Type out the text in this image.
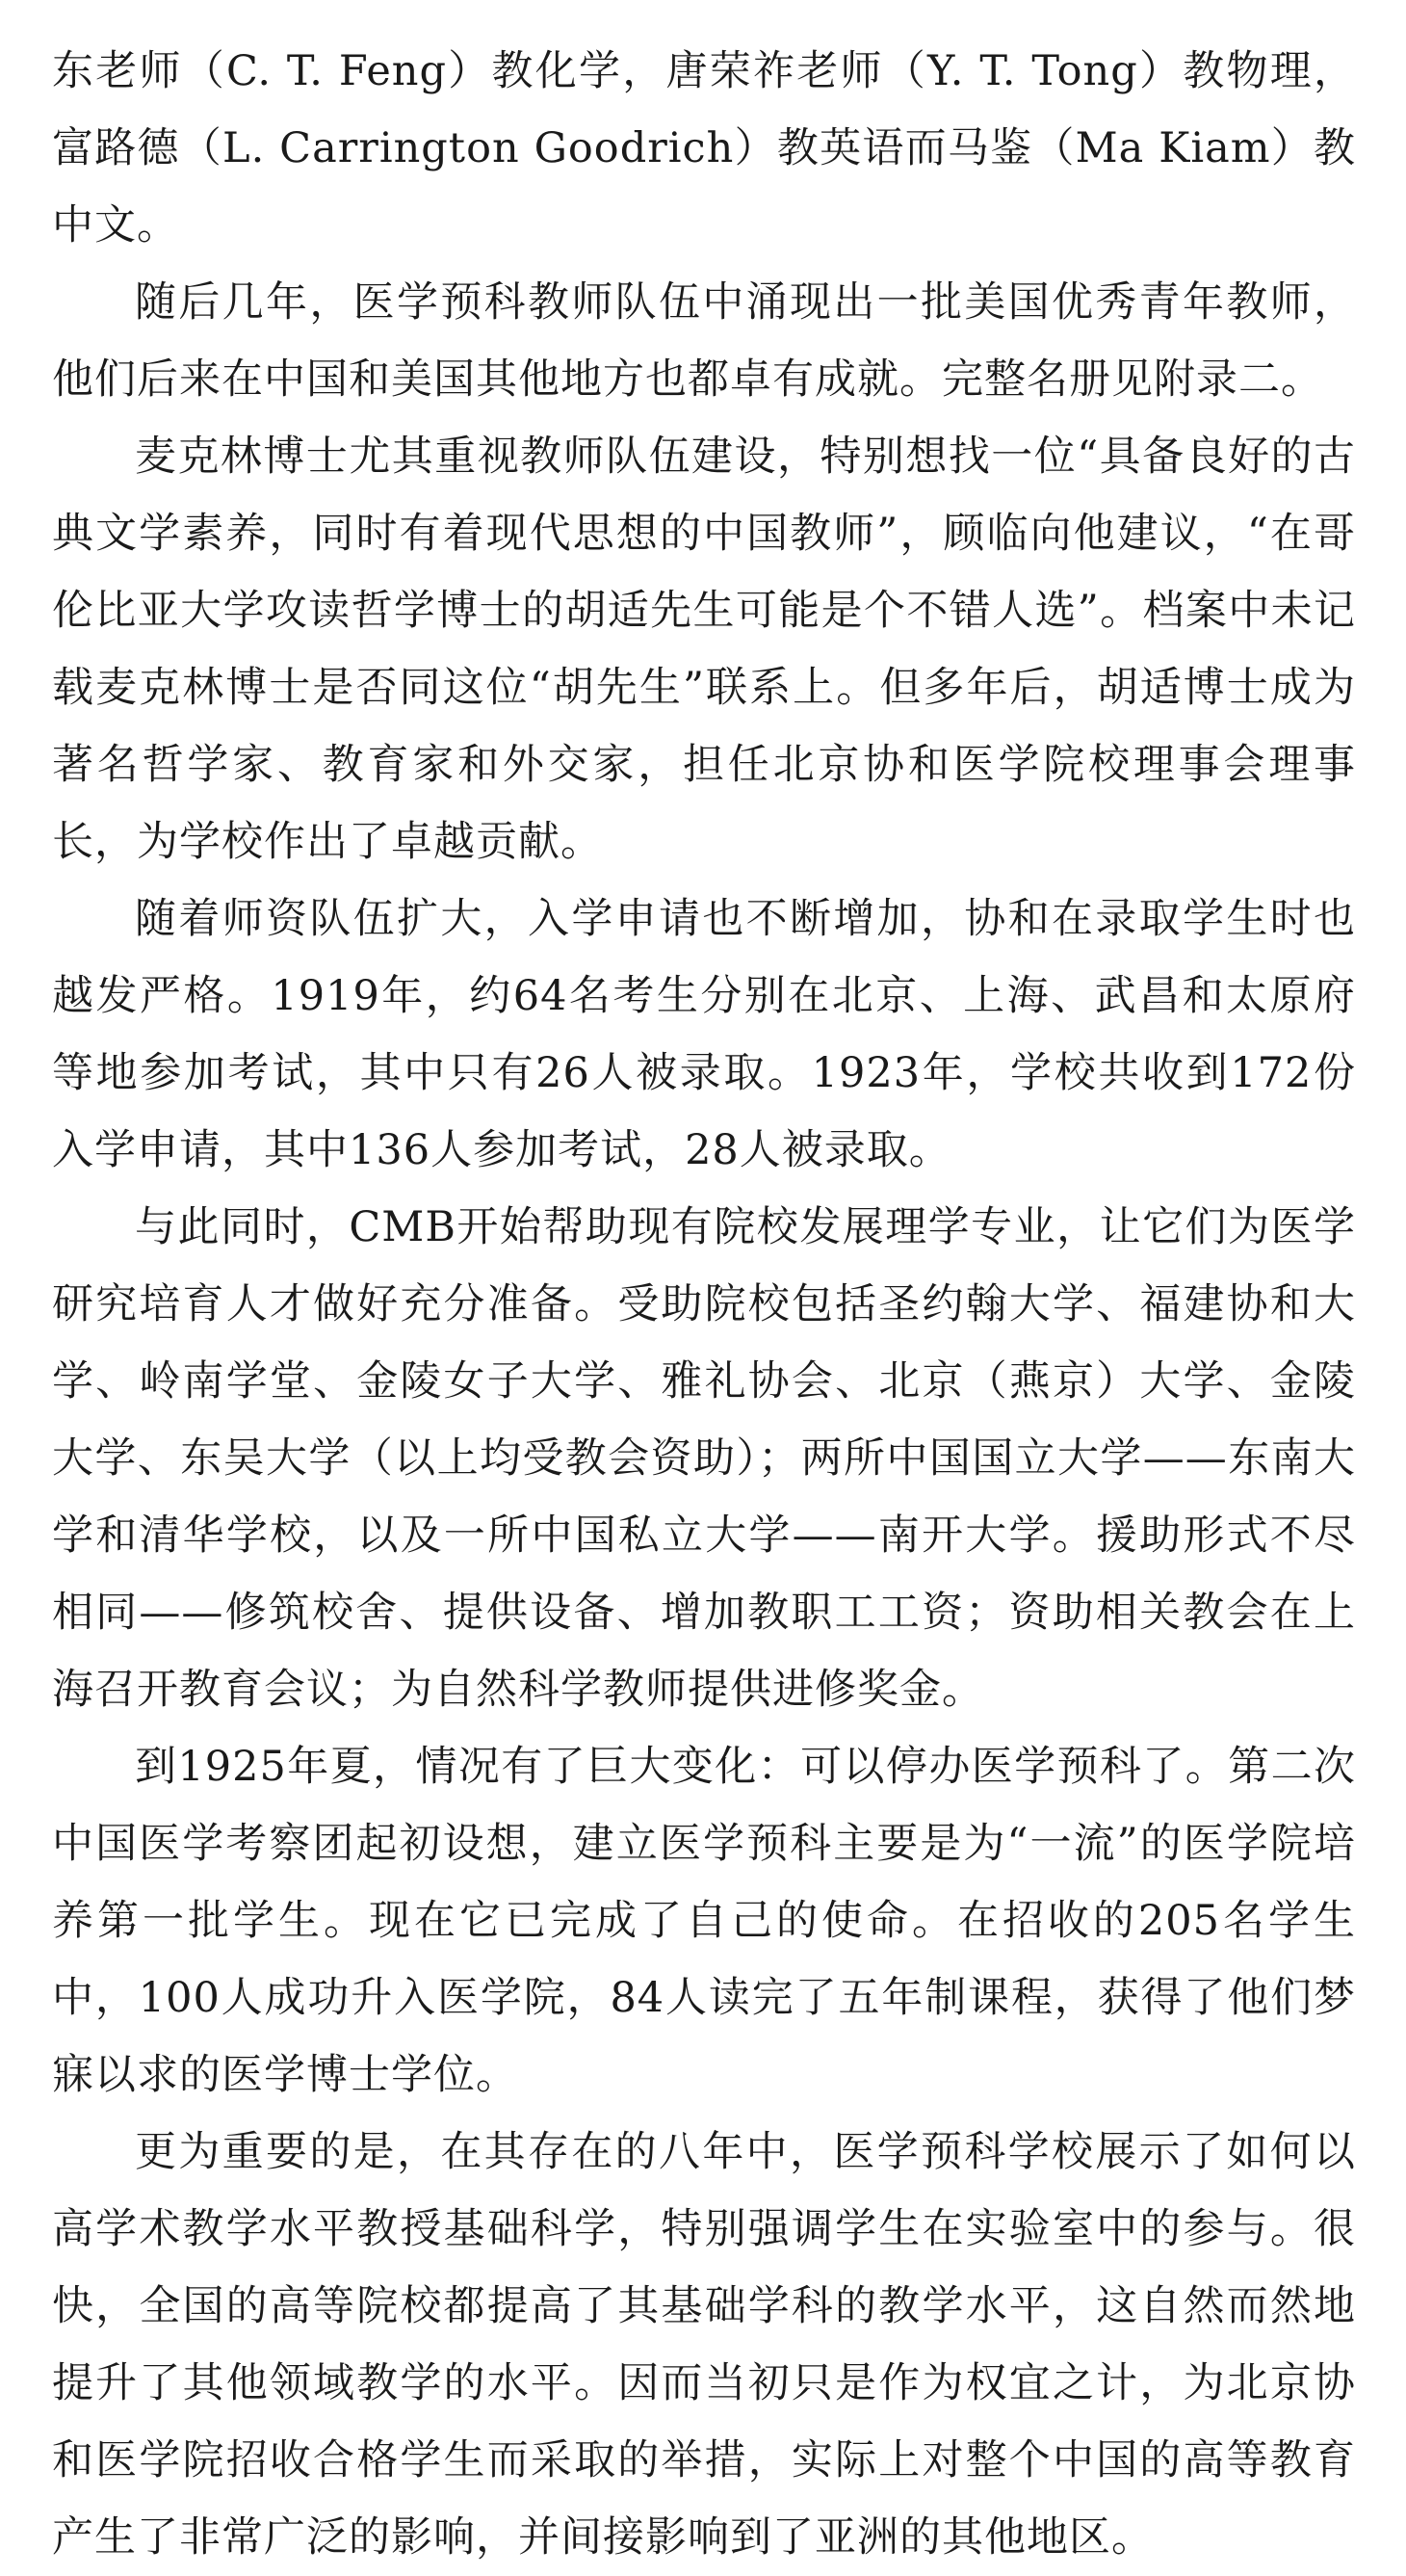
东老师（C. T. Feng）教化学，唐荣祚老师（Y. T. Tong）教物理，富路德（L. Carrington Goodrich）教英语而马鉴（Ma Kiam）教中文。

随后几年，医学预科教师队伍中涌现出一批美国优秀青年教师，他们后来在中国和美国其他地方也都卓有成就。完整名册见附录二。

麦克林博士尤其重视教师队伍建设，特别想找一位“具备良好的古典文学素养，同时有着现代思想的中国教师”，顾临向他建议，“在哥伦比亚大学攻读哲学博士的胡适先生可能是个不错人选”。档案中未记载麦克林博士是否同这位“胡先生”联系上。但多年后，胡适博士成为著名哲学家、教育家和外交家，担任北京协和医学院校理事会理事长，为学校作出了卓越贡献。

随着师资队伍扩大，入学申请也不断增加，协和在录取学生时也越发严格。1919年，约64名考生分别在北京、上海、武昌和太原府等地参加考试，其中只有26人被录取。1923年，学校共收到172份入学申请，其中136人参加考试，28人被录取。

与此同时，CMB开始帮助现有院校发展理学专业，让它们为医学研究培育人才做好充分准备。受助院校包括圣约翰大学、福建协和大学、岭南学堂、金陵女子大学、雅礼协会、北京（燕京）大学、金陵大学、东吴大学（以上均受教会资助）；两所中国国立大学——东南大学和清华学校，以及一所中国私立大学——南开大学。援助形式不尽相同——修筑校舍、提供设备、增加教职工工资；资助相关教会在上海召开教育会议；为自然科学教师提供进修奖金。

到1925年夏，情况有了巨大变化：可以停办医学预科了。第二次中国医学考察团起初设想，建立医学预科主要是为“一流”的医学院培养第一批学生。现在它已完成了自己的使命。在招收的205名学生中，100人成功升入医学院，84人读完了五年制课程，获得了他们梦寐以求的医学博士学位。

更为重要的是，在其存在的八年中，医学预科学校展示了如何以高学术教学水平教授基础科学，特别强调学生在实验室中的参与。很快，全国的高等院校都提高了其基础学科的教学水平，这自然而然地提升了其他领域教学的水平。因而当初只是作为权宜之计，为北京协和医学院招收合格学生而采取的举措，实际上对整个中国的高等教育产生了非常广泛的影响，并间接影响到了亚洲的其他地区。
